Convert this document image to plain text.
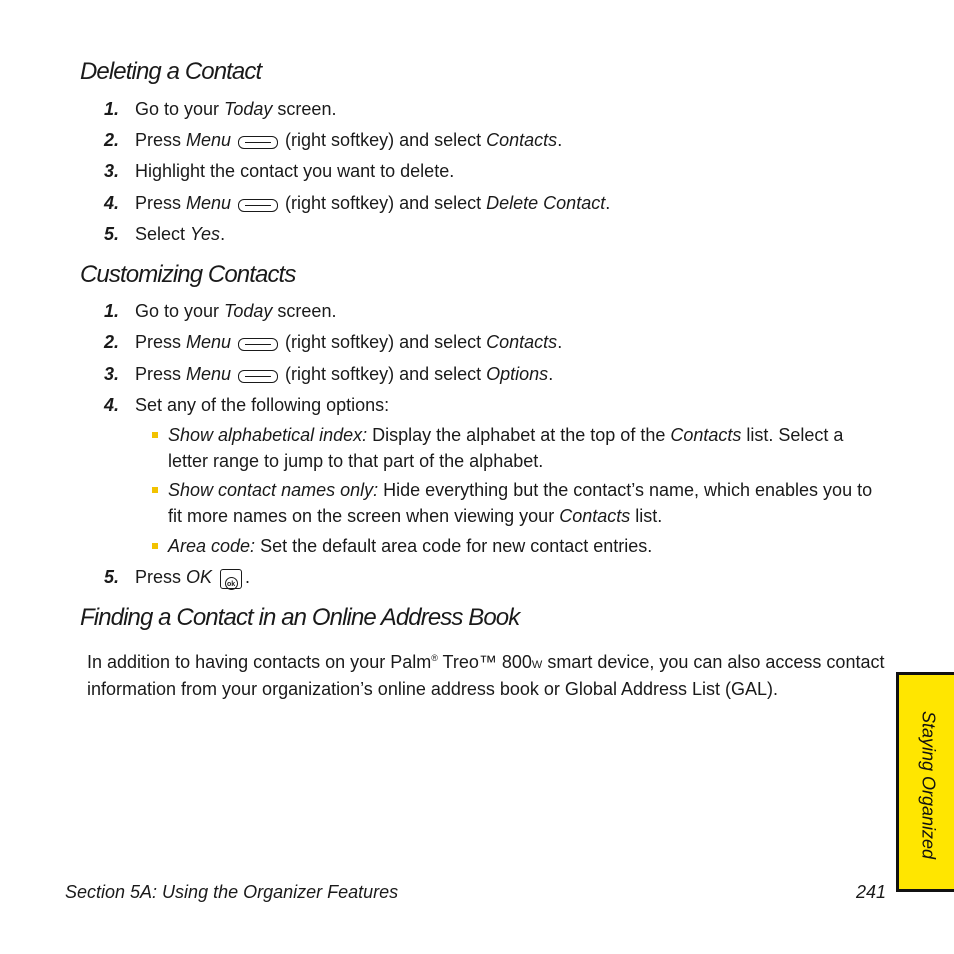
Deleting a Contact
1. Go to your Today screen.
2. Press Menu	(right softkey) and select Contacts .
3. Highlight the contact you want to delete.
4. Press Menu	(right softkey) and select Delete Contact .
5. Select Yes .
Customizing Contacts
1. Go to your Today screen.
2. Press Menu	(right softkey) and select Contacts .
3. Press Menu	(right softkey) and select Options .
4. Set any of the following options:
Show alphabetical index: Display the alphabet at the top of the Contacts list. Select a letter range to jump to that part of the alphabet.
Show contact names only: Hide everything but the contact’s name, which enables you to fit more names on the screen when viewing your Contacts list.
Area code: Set the default area code for new contact entries.
5. Press OK	ok .
Finding a Contact in an Online Address Book
In addition to having contacts on your Palm® Treo™ 800W smart device, you can also access contact information from your organization’s online address book or Global Address List (GAL).
Section 5A: Using the Organizer Features	241
Staying Organized
